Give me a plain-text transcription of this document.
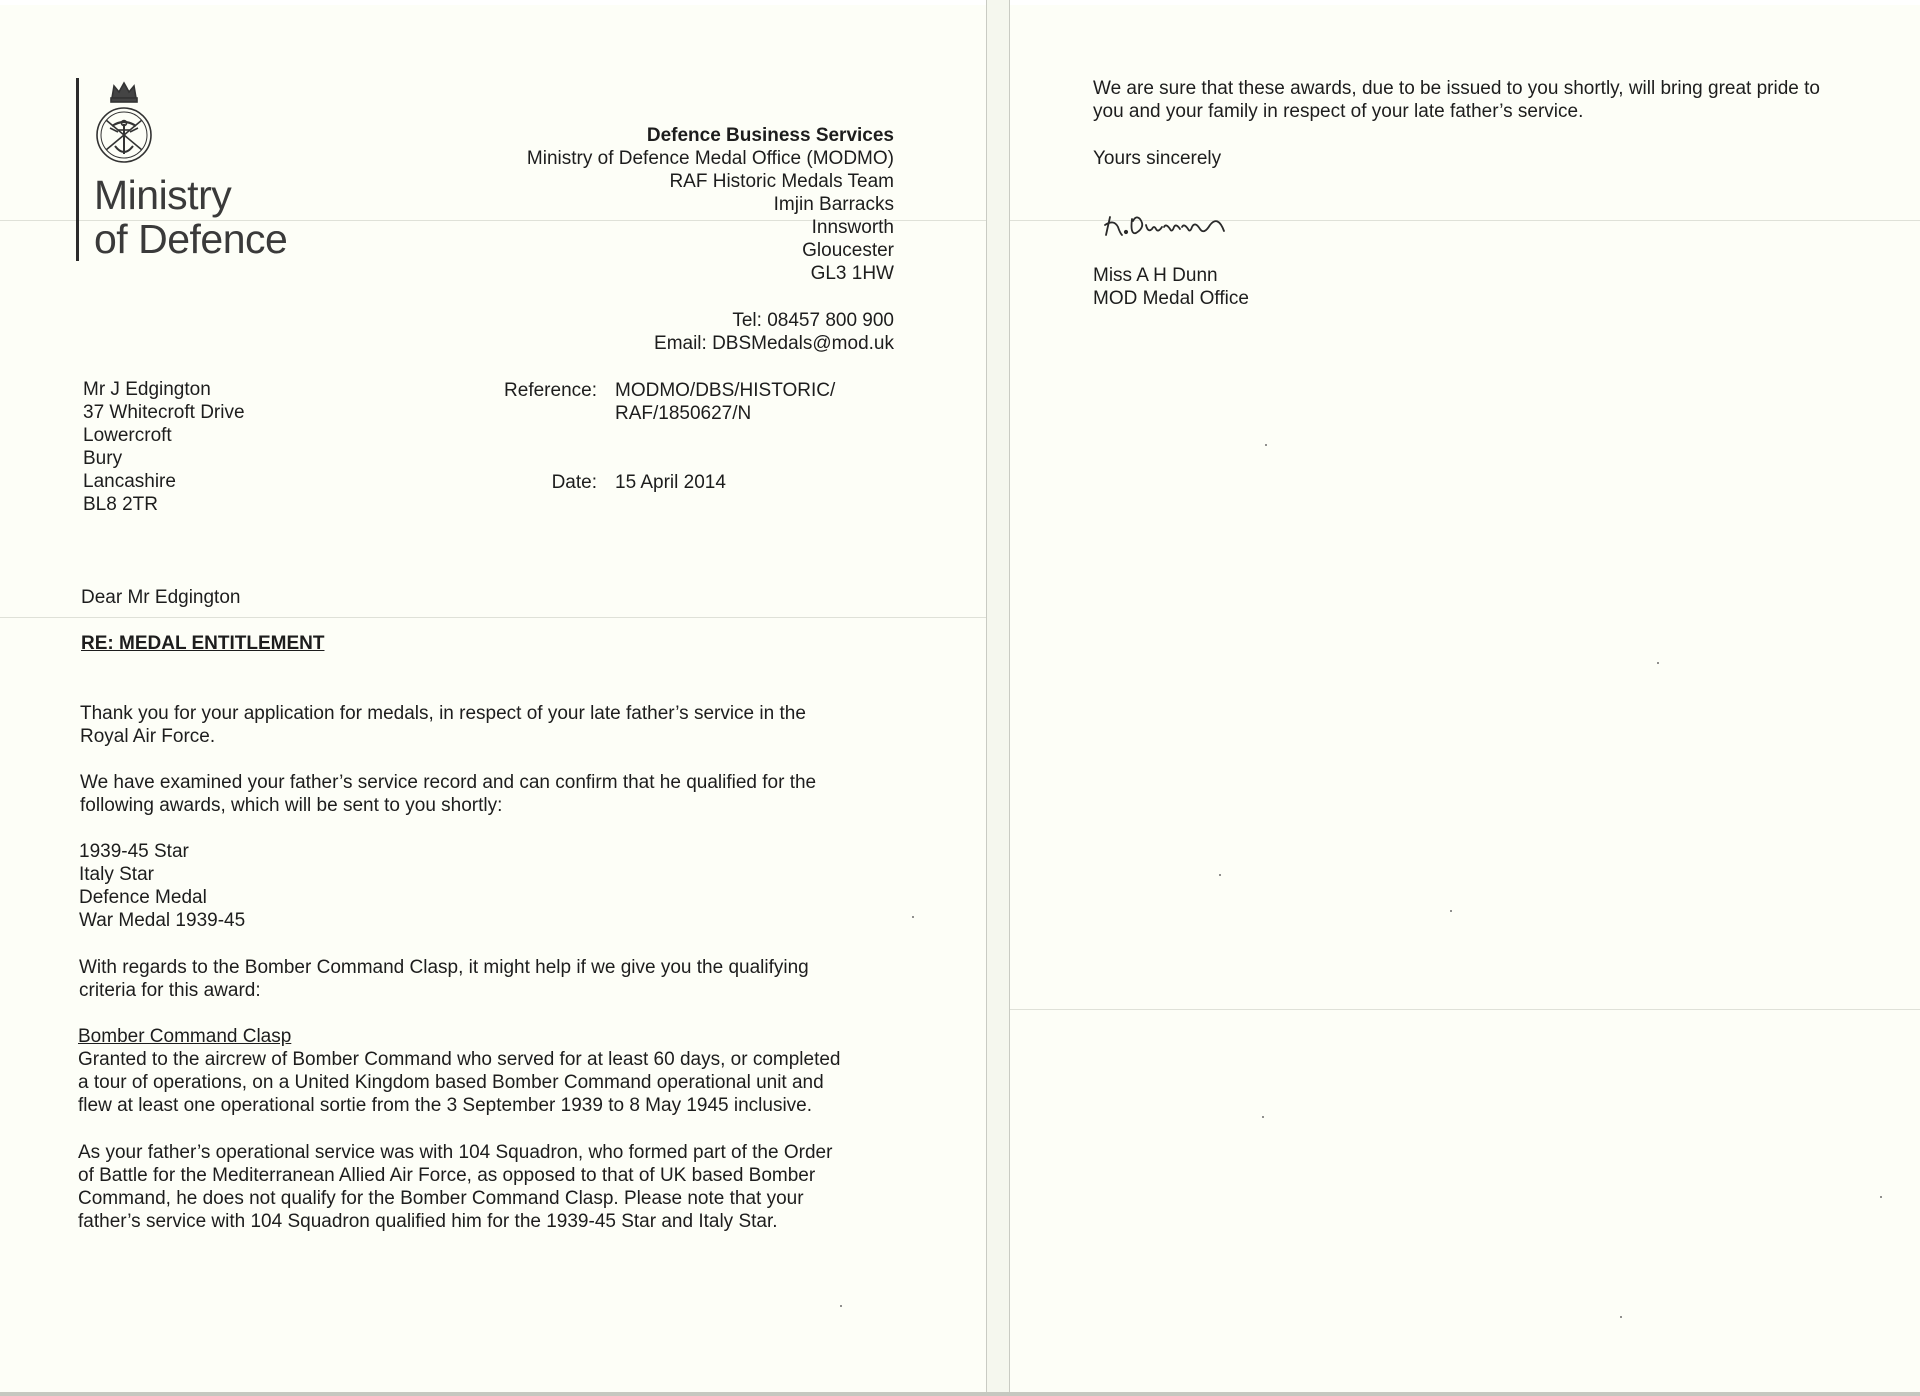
Ministry
of Defence
Defence Business Services
Ministry of Defence Medal Office (MODMO)
RAF Historic Medals Team
Imjin Barracks
Innsworth
Gloucester
GL3 1HW
Tel: 08457 800 900
Email: DBSMedals@mod.uk
Mr J Edgington
37 Whitecroft Drive
Lowercroft
Bury
Lancashire
BL8 2TR
Reference: MODMO/DBS/HISTORIC/
RAF/1850627/N
Date: 15 April 2014
Dear Mr Edgington
RE: MEDAL ENTITLEMENT
Thank you for your application for medals, in respect of your late father’s service in the
Royal Air Force.
We have examined your father’s service record and can confirm that he qualified for the
following awards, which will be sent to you shortly:
1939-45 Star
Italy Star
Defence Medal
War Medal 1939-45
With regards to the Bomber Command Clasp, it might help if we give you the qualifying
criteria for this award:
Bomber Command Clasp
Granted to the aircrew of Bomber Command who served for at least 60 days, or completed
a tour of operations, on a United Kingdom based Bomber Command operational unit and
flew at least one operational sortie from the 3 September 1939 to 8 May 1945 inclusive.
As your father’s operational service was with 104 Squadron, who formed part of the Order
of Battle for the Mediterranean Allied Air Force, as opposed to that of UK based Bomber
Command, he does not qualify for the Bomber Command Clasp. Please note that your
father’s service with 104 Squadron qualified him for the 1939-45 Star and Italy Star.
We are sure that these awards, due to be issued to you shortly, will bring great pride to
you and your family in respect of your late father’s service.
Yours sincerely
Miss A H Dunn
MOD Medal Office
